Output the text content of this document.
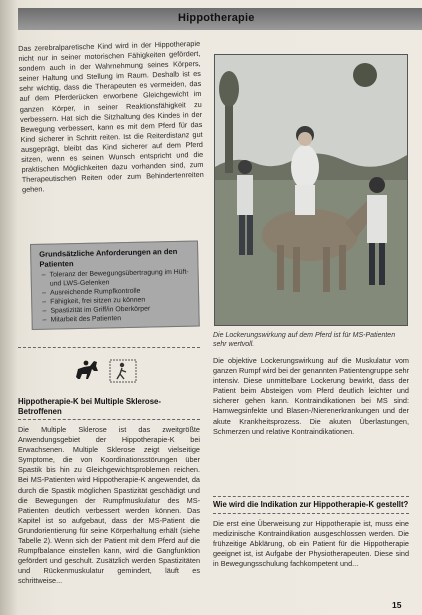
Hippotherapie

Das zerebralparetische Kind wird in der Hippotherapie nicht nur in seiner motorischen Fähigkeiten gefördert, sondern auch in der Wahrnehmung seines Körpers, seiner Haltung und Stellung im Raum. Deshalb ist es sehr wichtig, dass die Therapeuten es vermeiden, das auf dem Pferderücken erworbene Gleichgewicht im ganzen Körper, in seiner Reaktionsfähigkeit zu verbessern. Hat sich die Sitzhaltung des Kindes in der Bewegung verbessert, kann es mit dem Pferd für das Kind sicherer in Schritt reiten. Ist die Reiterdistanz gut ausgeprägt, bleibt das Kind sicherer auf dem Pferd sitzen, wenn es seinen Wunsch entspricht und die praktischen Möglichkeiten dazu vorhanden sind, zum Therapeutischen Reiten oder zum Behindertenreiten gehen.

Grundsätzliche Anforderungen an den Patienten

– Toleranz der Bewegungsübertragung im Hüft- und LWS-Gelenken
– Ausreichende Rumpfkontrolle
– Fähigkeit, frei sitzen zu können
– Spastizität im Griff/in Oberkörper
– Mitarbeit des Patienten
Die Lockerungswirkung auf dem Pferd ist für MS-Patienten sehr wertvoll.

Die objektive Lockerungswirkung auf die Muskulatur vom ganzen Rumpf wird bei der genannten Patientengruppe sehr intensiv. Diese unmittelbare Lockerung bewirkt, dass der Patient beim Absteigen vom Pferd deutlich leichter und sicherer gehen kann. Kontraindikationen bei MS sind: Harnwegsinfekte und Blasen-/Nierenerkrankungen und der akute Krankheitsprozess. Die akuten Überlastungen, Schmerzen und relative Kontraindikationen.

Hippotherapie-K bei Multiple Sklerose-Betroffenen

Die Multiple Sklerose ist das zweitgrößte Anwendungsgebiet der Hippotherapie-K bei Erwachsenen. Multiple Sklerose zeigt vielseitige Symptome, die von Koordinationsstörungen über Spastik bis hin zu Gleichgewichtsproblemen reichen. Bei MS-Patienten wird Hippotherapie-K angewendet, da durch die Spastik möglichen Spastizität geschädigt und die Bewegungen der Rumpfmuskulatur des MS-Patienten deutlich verbessert werden können. Das Kapitel ist so aufgebaut, dass der MS-Patient die Grundorientierung für seine Körperhaltung erhält (siehe Tabelle 2). Wenn sich der Patient mit dem Pferd auf die Rumpfbalance einstellen kann, wird die Gangfunktion gefördert und geschult. Zusätzlich werden Spastizitäten und Rückenmuskulatur gemindert, läuft es schrittweise...

Wie wird die Indikation zur Hippotherapie-K gestellt?

Die erst eine Überweisung zur Hippotherapie ist, muss eine medizinische Kontraindikation ausgeschlossen werden. Die frühzeitige Abklärung, ob ein Patient für die Hippotherapie geeignet ist, ist Aufgabe der Physiotherapeuten. Diese sind in Bewegungsschulung fachkompetent und...

15
